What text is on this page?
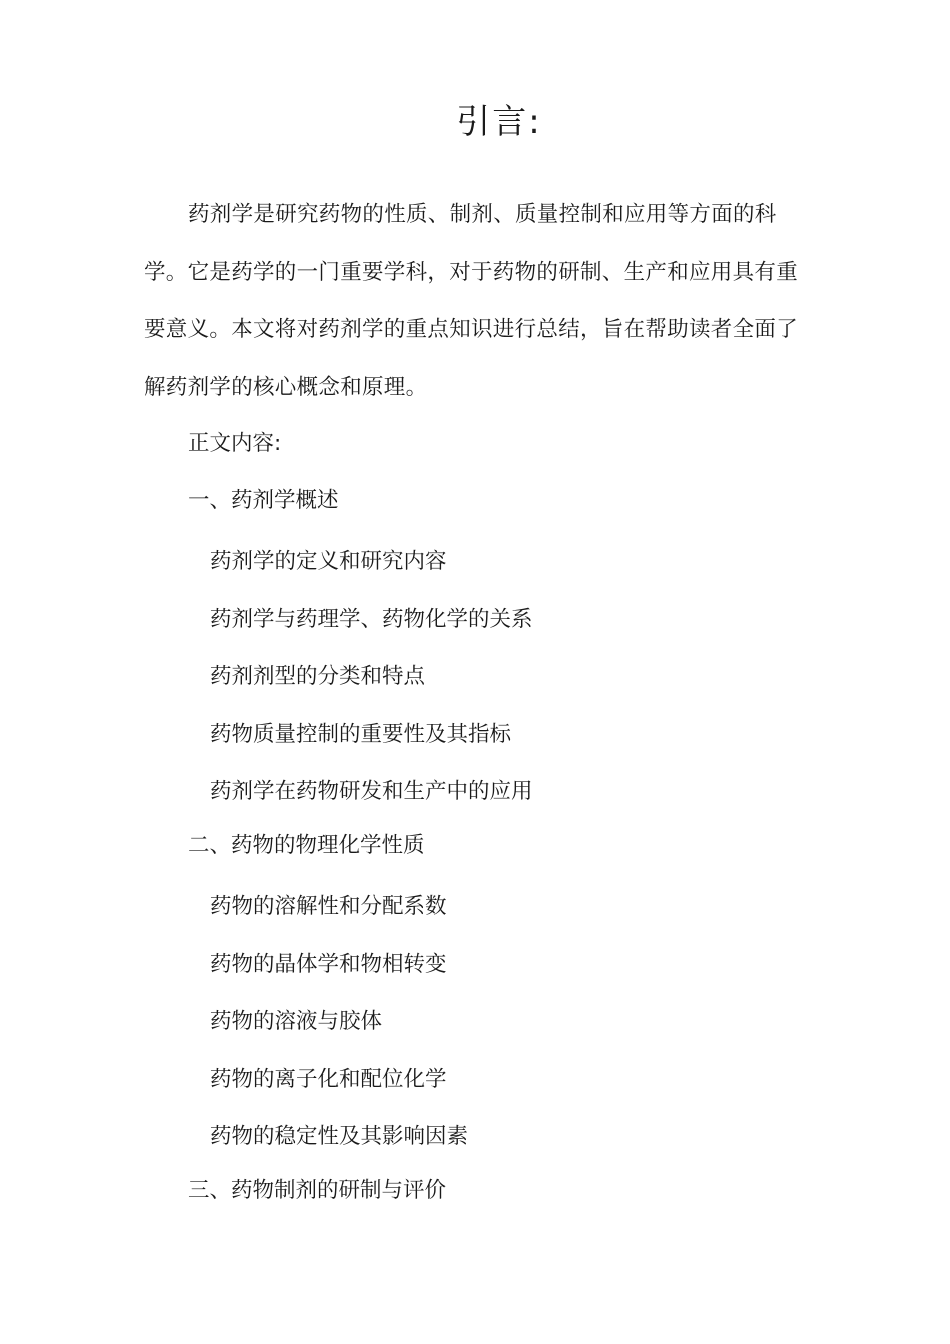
引言:

药剂学是研究药物的性质、制剂、质量控制和应用等方面的科学。它是药学的一门重要学科，对于药物的研制、生产和应用具有重要意义。本文将对药剂学的重点知识进行总结，旨在帮助读者全面了解药剂学的核心概念和原理。

正文内容:

一、药剂学概述

药剂学的定义和研究内容

药剂学与药理学、药物化学的关系

药剂剂型的分类和特点

药物质量控制的重要性及其指标

药剂学在药物研发和生产中的应用

二、药物的物理化学性质

药物的溶解性和分配系数

药物的晶体学和物相转变

药物的溶液与胶体

药物的离子化和配位化学

药物的稳定性及其影响因素

三、药物制剂的研制与评价
